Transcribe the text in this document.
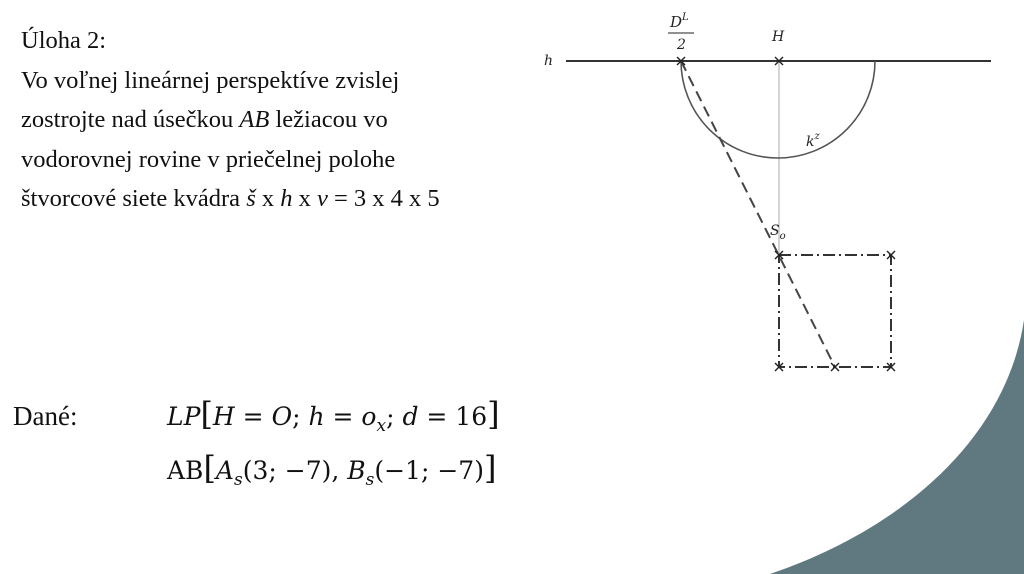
Úloha 2:
Vo voľnej lineárnej perspektíve zvislej
zostrojte nad úsečkou AB ležiacou vo
vodorovnej rovine v priečelnej polohe
štvorcové siete kvádra š x h x v = 3 x 4 x 5
Dané:	LP[H = O; $h = o_x$; d = 16]
$AB[A_s(3$; −7), $B_s(-1$; −7)]
h
H
$D^L$
2
$k^z$
$S_o$
